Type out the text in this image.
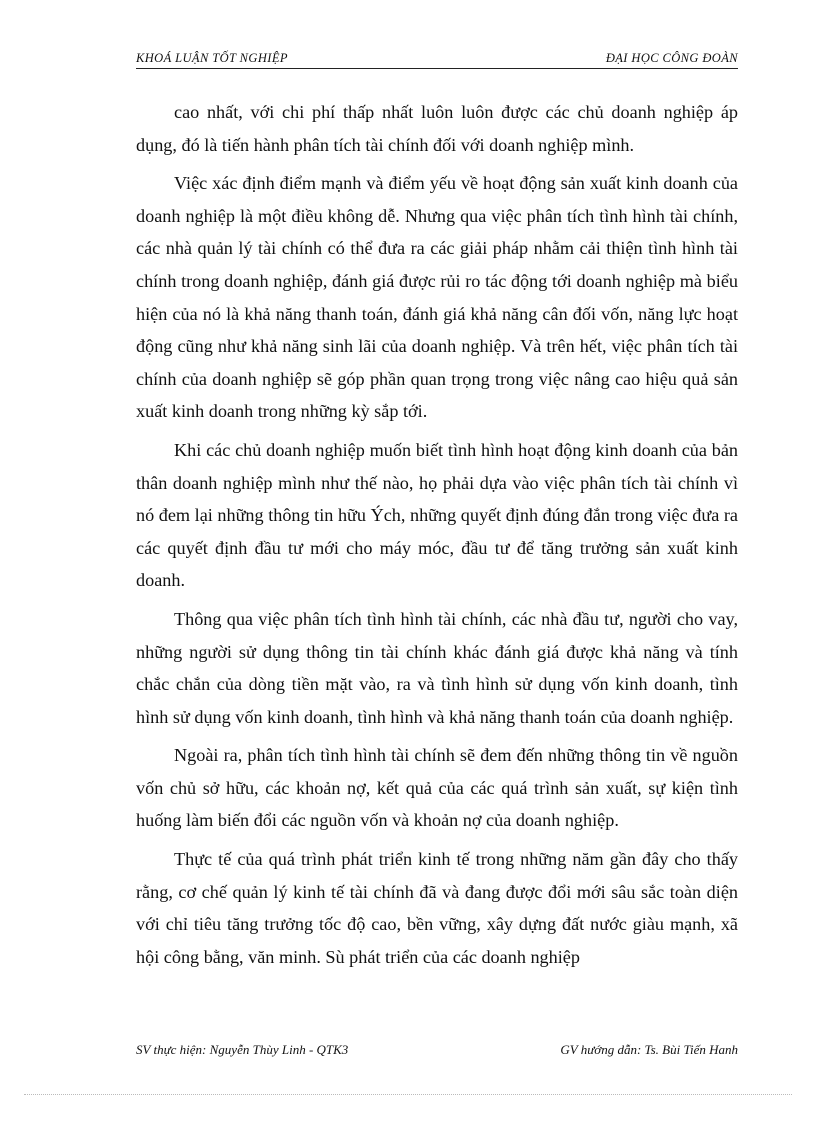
KHOÁ LUẬN TỐT NGHIỆP	ĐẠI HỌC CÔNG ĐOÀN

cao nhất, với chi phí thấp nhất luôn luôn được các chủ doanh nghiệp áp dụng, đó là tiến hành phân tích tài chính đối với doanh nghiệp mình.

Việc xác định điểm mạnh và điểm yếu về hoạt động sản xuất kinh doanh của doanh nghiệp là một điều không dễ. Nhưng qua việc phân tích tình hình tài chính, các nhà quản lý tài chính có thể đưa ra các giải pháp nhằm cải thiện tình hình tài chính trong doanh nghiệp, đánh giá được rủi ro tác động tới doanh nghiệp mà biểu hiện của nó là khả năng thanh toán, đánh giá khả năng cân đối vốn, năng lực hoạt động cũng như khả năng sinh lãi của doanh nghiệp. Và trên hết, việc phân tích tài chính của doanh nghiệp sẽ góp phần quan trọng trong việc nâng cao hiệu quả sản xuất kinh doanh trong những kỳ sắp tới.

Khi các chủ doanh nghiệp muốn biết tình hình hoạt động kinh doanh của bản thân doanh nghiệp mình như thế nào, họ phải dựa vào việc phân tích tài chính vì nó đem lại những thông tin hữu Ých, những quyết định đúng đắn trong việc đưa ra các quyết định đầu tư mới cho máy móc, đầu tư để tăng trưởng sản xuất kinh doanh.

Thông qua việc phân tích tình hình tài chính, các nhà đầu tư, người cho vay, những người sử dụng thông tin tài chính khác đánh giá được khả năng và tính chắc chắn của dòng tiền mặt vào, ra và tình hình sử dụng vốn kinh doanh, tình hình sử dụng vốn kinh doanh, tình hình và khả năng thanh toán của doanh nghiệp.

Ngoài ra, phân tích tình hình tài chính sẽ đem đến những thông tin về nguồn vốn chủ sở hữu, các khoản nợ, kết quả của các quá trình sản xuất, sự kiện tình huống làm biến đổi các nguồn vốn và khoản nợ của doanh nghiệp.

Thực tế của quá trình phát triển kinh tế trong những năm gần đây cho thấy rằng, cơ chế quản lý kinh tế tài chính đã và đang được đổi mới sâu sắc toàn diện với chỉ tiêu tăng trưởng tốc độ cao, bền vững, xây dựng đất nước giàu mạnh, xã hội công bằng, văn minh. Sù phát triển của các doanh nghiệp

SV thực hiện: Nguyễn Thùy Linh - QTK3	GV hướng dẫn: Ts. Bùi Tiến Hanh
